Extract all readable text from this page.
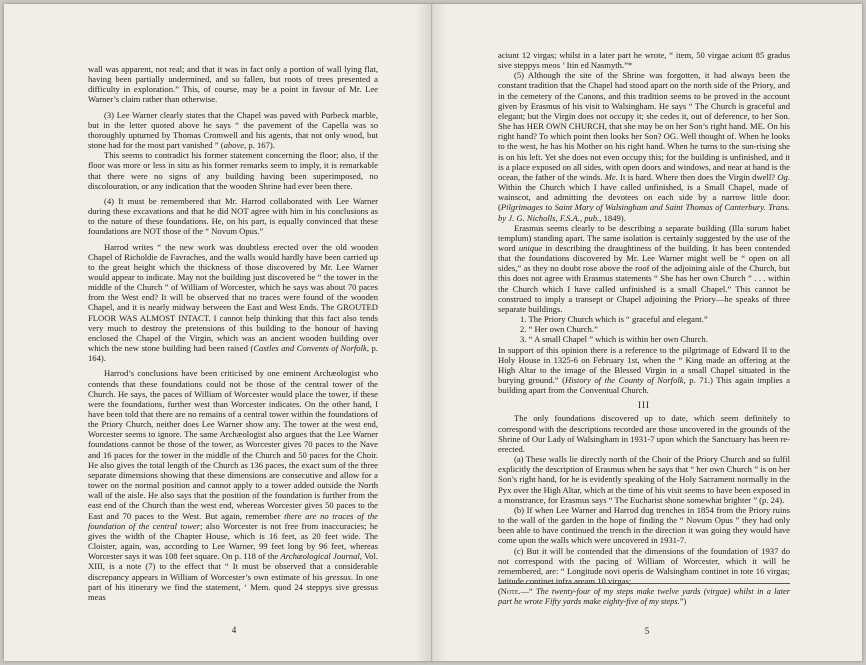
wall was apparent, not real; and that it was in fact only a portion of wall lying flat, having been partially undermined, and so fallen, but roots of trees presented a difficulty in exploration.” This, of course, may be a point in favour of Mr. Lee Warner’s claim rather than otherwise.

(3) Lee Warner clearly states that the Chapel was paved with Purbeck marble, but in the letter quoted above he says “ the pavement of the Capella was so thoroughly upturned by Thomas Cromwell and his agents, that not only wood, but stone had for the most part vanished ” (above, p. 167).

This seems to contradict his former statement concerning the floor; also, if the floor was more or less in situ as his former remarks seem to imply, it is remarkable that there were no signs of any building having been superimposed, no discolouration, or any indication that the wooden Shrine had ever been there.

(4) It must be remembered that Mr. Harrod collaborated with Lee Warner during these excavations and that he did NOT agree with him in his conclusions as to the nature of these foundations. He, on his part, is equally convinced that these foundations are NOT those of the “ Novum Opus.”

Harrod writes “ the new work was doubtless erected over the old wooden Chapel of Richoldie de Favraches, and the walls would hardly have been carried up to the great height which the thickness of those discovered by Mr. Lee Warner would appear to indicate. May not the building just discovered be “ the tower in the middle of the Church ” of William of Worcester, which he says was about 70 paces from the West end? It will be observed that no traces were found of the wooden Chapel, and it is nearly midway between the East and West Ends. The GROUTED FLOOR WAS ALMOST INTACT. I cannot help thinking that this fact also tends very much to destroy the pretensions of this building to the honour of having enclosed the Chapel of the Virgin, which was an ancient wooden building over which the new stone building had been raised (Castles and Convents of Norfolk, p. 164).

Harrod’s conclusions have been criticised by one eminent Archæologist who contends that these foundations could not be those of the central tower of the Church. He says, the paces of William of Worcester would place the tower, if these were the foundations, further west than Worcester indicates. On the other hand, I have been told that there are no remains of a central tower within the foundations of the Priory Church, neither does Lee Warner show any. The tower at the west end, Worcester seems to ignore. The same Archæologist also argues that the Lee Warner foundations cannot be those of the tower, as Worcester gives 70 paces to the Nave and 16 paces for the tower in the middle of the Church and 50 paces for the Choir. He also gives the total length of the Church as 136 paces, the exact sum of the three separate dimensions showing that these dimensions are consecutive and allow for a tower on the normal position and cannot apply to a tower added outside the North wall of the aisle. He also says that the position of the foundation is further from the east end of the Church than the west end, whereas Worcester gives 50 paces to the East and 70 paces to the West. But again, remember there are no traces of the foundation of the central tower; also Worcester is not free from inaccuracies; he gives the width of the Chapter House, which is 16 feet, as 20 feet wide. The Cloister, again, was, according to Lee Warner, 99 feet long by 96 feet, whereas Worcester says it was 108 feet square. On p. 118 of the Archæological Journal, Vol. XIII, is a note (7) to the effect that “ It must be observed that a considerable discrepancy appears in William of Worcester’s own estimate of his gressus. In one part of his itinerary we find the statement, ‘ Mem. quod 24 steppys sive gressus meas

4

aciunt 12 virgas; whilst in a later part he wrote, “ item, 50 virgae aciunt 85 gradus sive steppys meos ’ Itin ed Nasmyth.”*

(5) Although the site of the Shrine was forgotten, it had always been the constant tradition that the Chapel had stood apart on the north side of the Priory, and in the cemetery of the Canons, and this tradition seems to be proved in the account given by Erasmus of his visit to Walsingham. He says “ The Church is graceful and elegant; but the Virgin does not occupy it; she cedes it, out of deference, to her Son. She has HER OWN CHURCH, that she may be on her Son’s right hand. ME. On his right hand? To which point then looks her Son? OG. Well thought of. When he looks to the west, he has his Mother on his right hand. When he turns to the sun-rising she is on his left. Yet she does not even occupy this; for the building is unfinished, and it is a place exposed on all sides, with open doors and windows, and near at hand is the ocean, the father of the winds. Me. It is hard. Where then does the Virgin dwell? Og. Within the Church which I have called unfinished, is a Small Chapel, made of wainscot, and admitting the devotees on each side by a narrow little door. (Pilgrimages to Saint Mary of Walsingham and Saint Thomas of Canterbury. Trans. by J. G. Nicholls, F.S.A., pub., 1849).

Erasmus seems clearly to be describing a separate building (Illa surum habet templum) standing apart. The same isolation is certainly suggested by the use of the word unique in describing the draughtiness of the building. It has been contended that the foundations discovered by Mr. Lee Warner might well be “ open on all sides,” as they no doubt rose above the roof of the adjoining aisle of the Church, but this does not agree with Erasmus statements “ She has her own Church ” . . . within the Church which I have called unfinished is a small Chapel.” This cannot be construed to imply a transept or Chapel adjoining the Priory—he speaks of three separate buildings.

1. The Priory Church which is “ graceful and elegant.”
2. “ Her own Church.”
3. “ A small Chapel ” which is within her own Church.

In support of this opinion there is a reference to the pilgrimage of Edward II to the Holy House in 1325-6 on February 1st, when the “ King made an offering at the High Altar to the image of the Blessed Virgin in a small Chapel situated in the burying ground.” (History of the County of Norfolk, p. 71.) This again implies a building apart from the Conventual Church.

III

The only foundations discovered up to date, which seem definitely to correspond with the descriptions recorded are those uncovered in the grounds of the Shrine of Our Lady of Walsingham in 1931-7 upon which the Sanctuary has been re-erected.

(a) These walls lie directly north of the Choir of the Priory Church and so fulfil explicitly the description of Erasmus when he says that “ her own Church ” is on her Son’s right hand, for he is evidently speaking of the Holy Sacrament normally in the Pyx over the High Altar, which at the time of his visit seems to have been exposed in a monstrance, for Erasmus says “ The Eucharist shone somewhat brighter ” (p. 24).

(b) If when Lee Warner and Harrod dug trenches in 1854 from the Priory ruins to the wall of the garden in the hope of finding the “ Novum Opus ” they had only been able to have continued the trench in the direction it was going they would have come upon the walls which were uncovered in 1931-7.

(c) But it will be contended that the dimensions of the foundation of 1937 do not correspond with the pacing of William of Worcester, which it will be remembered, are: “ Longitude novi operis de Walsingham continet in tote 16 virgas; latitude continet infra aream 10 virgas;

(Note.—“ The twenty-four of my steps make twelve yards (virgae) whilst in a later part he wrote Fifty yards make eighty-five of my steps.”)
5
